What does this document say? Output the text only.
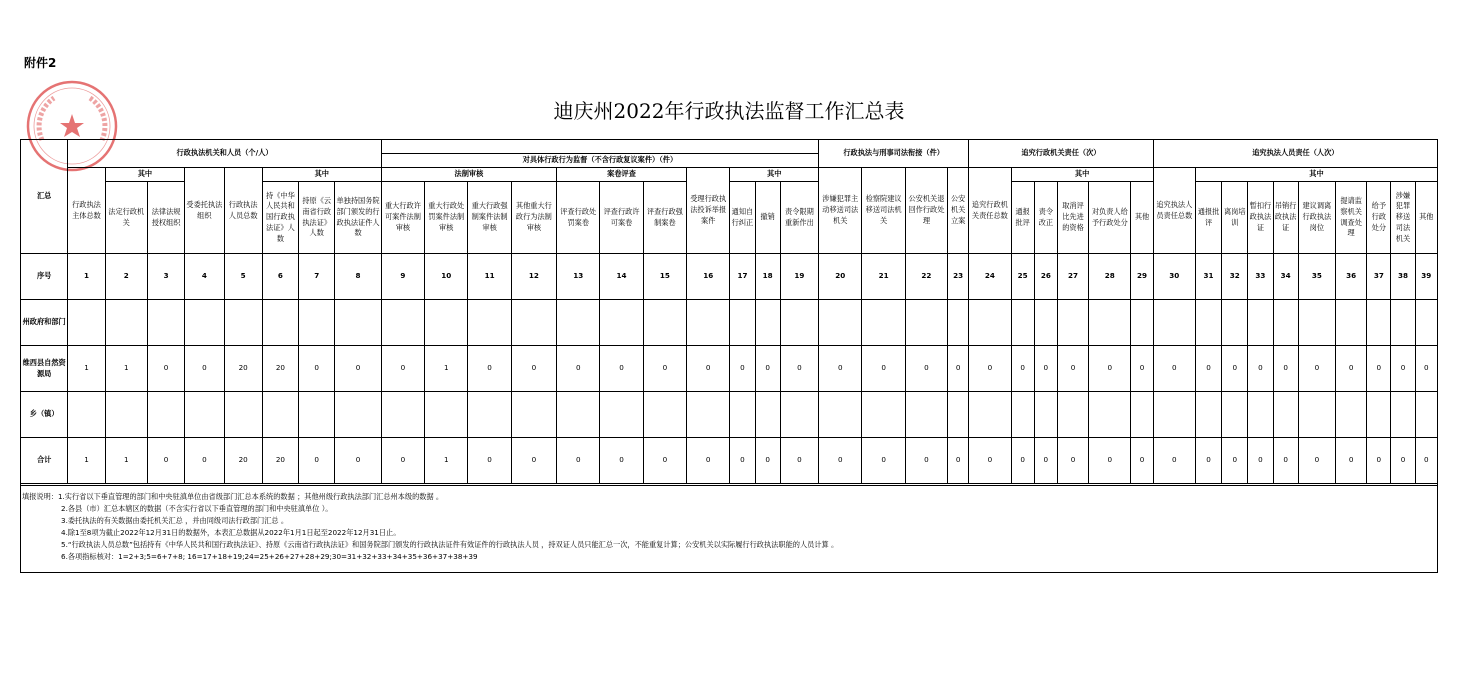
附件2
迪庆州2022年行政执法监督工作汇总表
汇总	行政执法机关和人员（个/人）																			行政执法与刑事司法衔接（件）				追究行政机关责任（次）						追究执法人员责任（人次）									
									对具体行政行为监督（不含行政复议案件）（件）																														
	行政执法主体总数	其中		受委托执法组织	行政执法人员总数	其中			法制审核				案卷评查			受理行政执法投诉举报案件	其中			涉嫌犯罪主动移送司法机关	检察院建议移送司法机关	公安机关退回作行政处理	公安机关立案	追究行政机关责任总数	其中					追究执法人员责任总数	其中								
		法定行政机关	法律法规授权组织			持《中华人民共和国行政执法证》人数	持原《云南省行政执法证》人数	单独持国务院部门颁发的行政执法证件人数	重大行政许可案件法制审核	重大行政处罚案件法制审核	重大行政强制案件法制审核	其他重大行政行为法制审核	评查行政处罚案卷	评查行政许可案卷	评查行政强制案卷		通知自行纠正	撤销	责令限期重新作出						通报批评	责令改正	取消评比先进的资格	对负责人给予行政处分	其他		通报批评	离岗培训	暂扣行政执法证	吊销行政执法证	建议调离行政执法岗位	提请监察机关调查处理	给予行政处分	涉嫌犯罪移送司法机关	其他
序号	1	2	3	4	5	6	7	8	9	10	11	12	13	14	15	16	17	18	19	20	21	22	23	24	25	26	27	28	29	30	31	32	33	34	35	36	37	38	39
州政府和部门																																							
维西县自然资源局	1	1	0	0	20	20	0	0	0	1	0	0	0	0	0	0	0	0	0	0	0	0	0	0	0	0	0	0	0	0	0	0	0	0	0	0	0	0	0
乡（镇）																																							
合计	1	1	0	0	20	20	0	0	0	1	0	0	0	0	0	0	0	0	0	0	0	0	0	0	0	0	0	0	0	0	0	0	0	0	0	0	0	0	0
填报说明：1.实行省以下垂直管理的部门和中央驻滇单位由省级部门汇总本系统的数据 ；其他州级行政执法部门汇总州本级的数据 。
2.各县（市）汇总本辖区的数据（不含实行省以下垂直管理的部门和中央驻滇单位 ）。
3.委托执法的有关数据由委托机关汇总 ，并由同级司法行政部门汇总 。
4.除1至8项为截止2022年12月31日的数据外，本表汇总数据从2022年1月1日起至2022年12月31日止。
5.“行政执法人员总数”包括持有《中华人民共和国行政执法证》、持原《云南省行政执法证》和国务院部门颁发的行政执法证件有效证件的行政执法人员 ，持双证人员只能汇总一次，不能重复计算；公安机关以实际履行行政执法职能的人员计算 。
6.各项指标核对：1=2+3;5=6+7+8; 16=17+18+19;24=25+26+27+28+29;30=31+32+33+34+35+36+37+38+39
